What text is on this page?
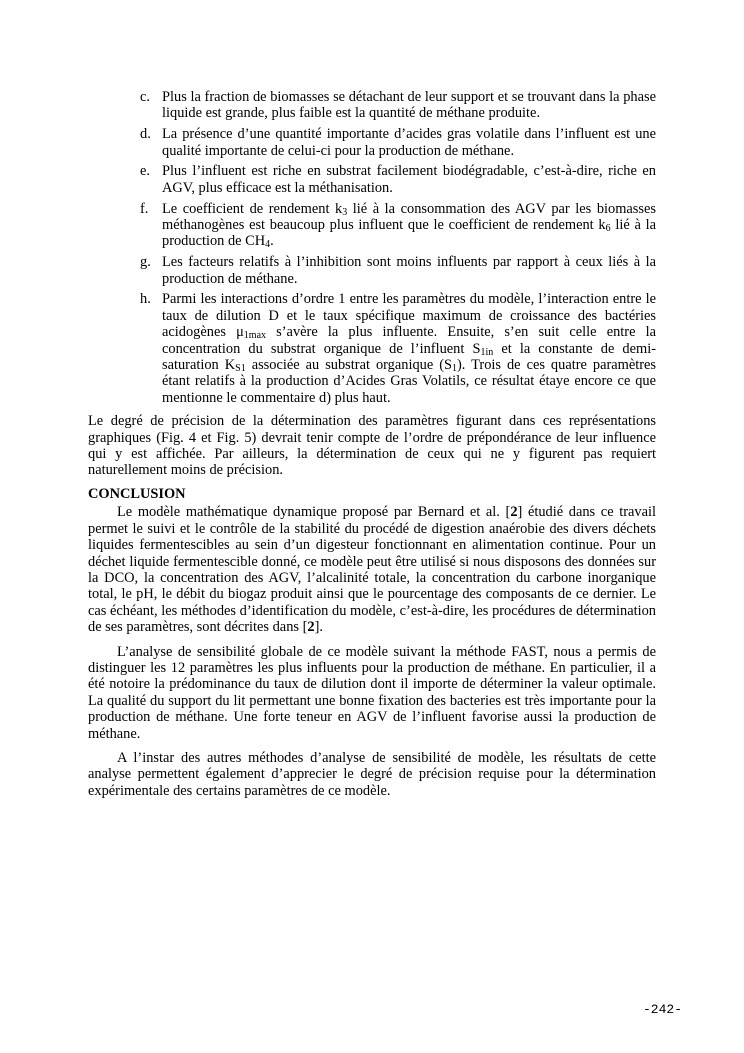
c. Plus la fraction de biomasses se détachant de leur support et se trouvant dans la phase liquide est grande, plus faible est la quantité de méthane produite.
d. La présence d’une quantité importante d’acides gras volatile dans l’influent est une qualité importante de celui-ci pour la production de méthane.
e. Plus l’influent est riche en substrat facilement biodégradable, c’est-à-dire, riche en AGV, plus efficace est la méthanisation.
f. Le coefficient de rendement $k_3$ lié à la consommation des AGV par les biomasses méthanogènes est beaucoup plus influent que le coefficient de rendement $k_6$ lié à la production de $CH_4$.
g. Les facteurs relatifs à l’inhibition sont moins influents par rapport à ceux liés à la production de méthane.
h. Parmi les interactions d’ordre 1 entre les paramètres du modèle, l’interaction entre le taux de dilution D et le taux spécifique maximum de croissance des bactéries acidogènes $\mu_{1max}$ s’avère la plus influente. Ensuite, s’en suit celle entre la concentration du substrat organique de l’influent $S_{1in}$ et la constante de demi-saturation $K_{S1}$ associée au substrat organique $(S_1)$. Trois de ces quatre paramètres étant relatifs à la production d’Acides Gras Volatils, ce résultat étaye encore ce que mentionne le commentaire d) plus haut.

Le degré de précision de la détermination des paramètres figurant dans ces représentations graphiques (Fig. 4 et Fig. 5) devrait tenir compte de l’ordre de prépondérance de leur influence qui y est affichée. Par ailleurs, la détermination de ceux qui ne y figurent pas requiert naturellement moins de précision.

CONCLUSION

Le modèle mathématique dynamique proposé par Bernard et al. [2] étudié dans ce travail permet le suivi et le contrôle de la stabilité du procédé de digestion anaérobie des divers déchets liquides fermentescibles au sein d’un digesteur fonctionnant en alimentation continue. Pour un déchet liquide fermentescible donné, ce modèle peut être utilisé si nous disposons des données sur la DCO, la concentration des AGV, l’alcalinité totale, la concentration du carbone inorganique total, le pH, le débit du biogaz produit ainsi que le pourcentage des composants de ce dernier. Le cas échéant, les méthodes d’identification du modèle, c’est-à-dire, les procédures de détermination de ses paramètres, sont décrites dans [2].

L’analyse de sensibilité globale de ce modèle suivant la méthode FAST, nous a permis de distinguer les 12 paramètres les plus influents pour la production de méthane. En particulier, il a été notoire la prédominance du taux de dilution dont il importe de déterminer la valeur optimale. La qualité du support du lit permettant une bonne fixation des bacteries est très importante pour la production de méthane. Une forte teneur en AGV de l’influent favorise aussi la production de méthane.

A l’instar des autres méthodes d’analyse de sensibilité de modèle, les résultats de cette analyse permettent également d’apprecier le degré de précision requise pour la détermination expérimentale des certains paramètres de ce modèle.

-242-
